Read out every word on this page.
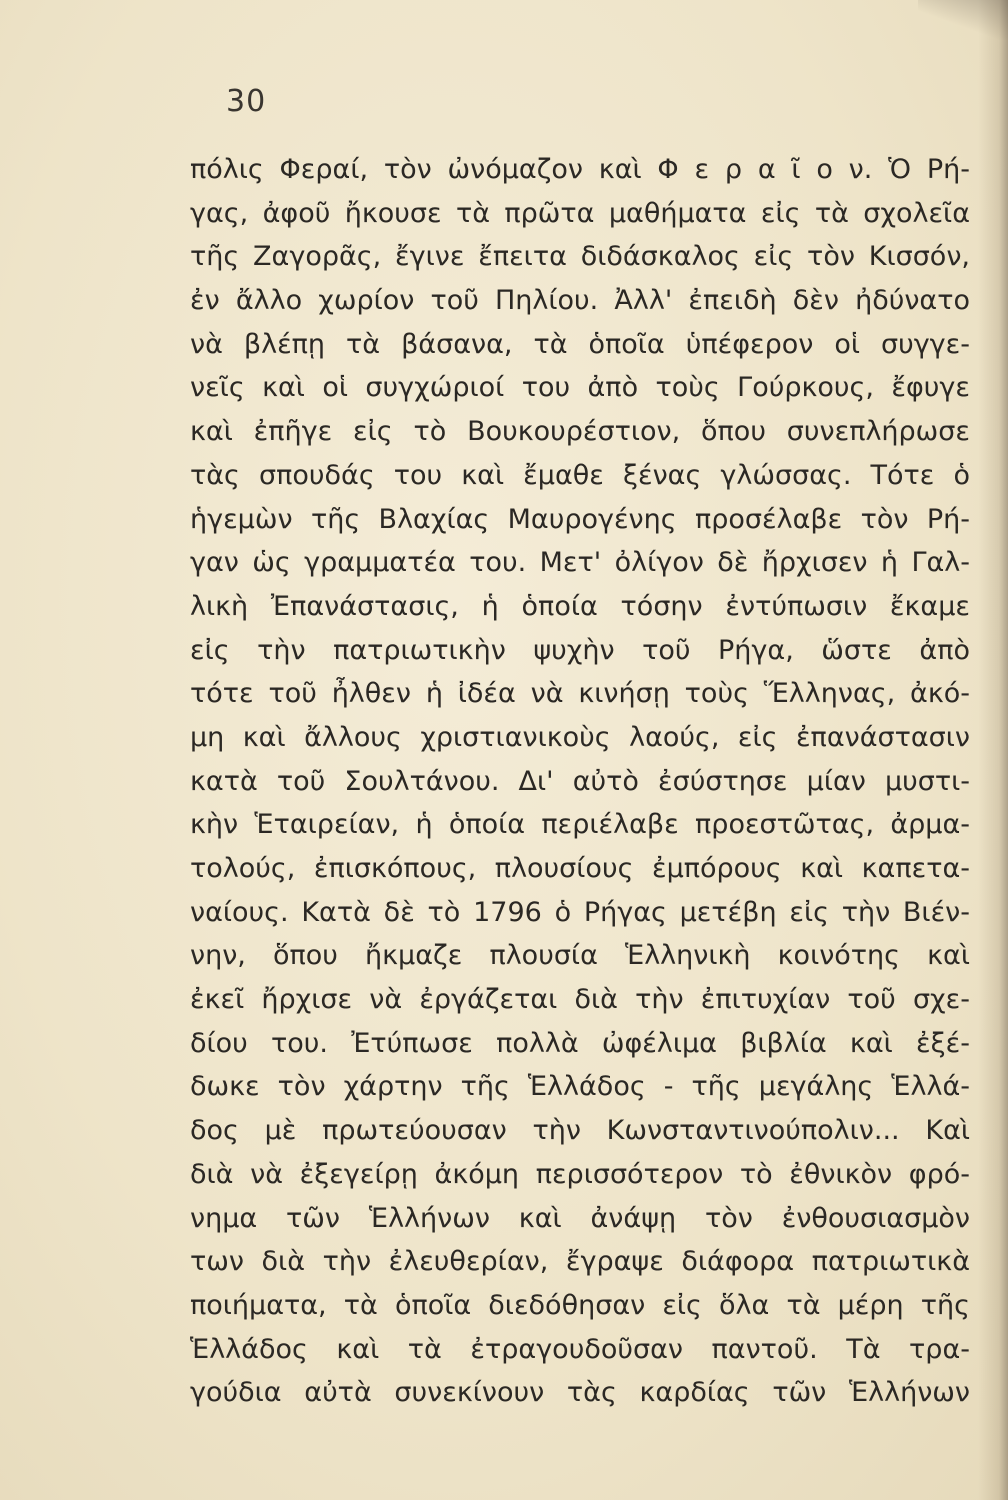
30
πόλις Φεραί, τὸν ὠνόμαζον καὶ Φ ε ρ α ῖ ο ν. Ὁ Ρή-
γας, ἀφοῦ ἤκουσε τὰ πρῶτα μαθήματα εἰς τὰ σχολεῖα
τῆς Ζαγορᾶς, ἔγινε ἔπειτα διδάσκαλος εἰς τὸν Κισσόν,
ἐν ἄλλο χωρίον τοῦ Πηλίου. Ἀλλ' ἐπειδὴ δὲν ἠδύνατο
νὰ βλέπῃ τὰ βάσανα, τὰ ὁποῖα ὑπέφερον οἱ συγγε-
νεῖς καὶ οἱ συγχώριοί του ἀπὸ τοὺς Γούρκους, ἔφυγε
καὶ ἐπῆγε εἰς τὸ Βουκουρέστιον, ὅπου συνεπλήρωσε
τὰς σπουδάς του καὶ ἔμαθε ξένας γλώσσας. Τότε ὁ
ἡγεμὼν τῆς Βλαχίας Μαυρογένης προσέλαβε τὸν Ρή-
γαν ὡς γραμματέα του. Μετ' ὀλίγον δὲ ἤρχισεν ἡ Γαλ-
λικὴ Ἐπανάστασις, ἡ ὁποία τόσην ἐντύπωσιν ἔκαμε
εἰς τὴν πατριωτικὴν ψυχὴν τοῦ Ρήγα, ὥστε ἀπὸ
τότε τοῦ ἦλθεν ἡ ἰδέα νὰ κινήσῃ τοὺς Ἕλληνας, ἀκό-
μη καὶ ἄλλους χριστιανικοὺς λαούς, εἰς ἐπανάστασιν
κατὰ τοῦ Σουλτάνου. Δι' αὐτὸ ἐσύστησε μίαν μυστι-
κὴν Ἑταιρείαν, ἡ ὁποία περιέλαβε προεστῶτας, ἀρμα-
τολούς, ἐπισκόπους, πλουσίους ἐμπόρους καὶ καπετα-
ναίους. Κατὰ δὲ τὸ 1796 ὁ Ρήγας μετέβη εἰς τὴν Βιέν-
νην, ὅπου ἤκμαζε πλουσία Ἑλληνικὴ κοινότης καὶ
ἐκεῖ ἤρχισε νὰ ἐργάζεται διὰ τὴν ἐπιτυχίαν τοῦ σχε-
δίου του. Ἐτύπωσε πολλὰ ὠφέλιμα βιβλία καὶ ἐξέ-
δωκε τὸν χάρτην τῆς Ἑλλάδος - τῆς μεγάλης Ἑλλά-
δος μὲ πρωτεύουσαν τὴν Κωνσταντινούπολιν... Καὶ
διὰ νὰ ἐξεγείρῃ ἀκόμη περισσότερον τὸ ἐθνικὸν φρό-
νημα τῶν Ἑλλήνων καὶ ἀνάψῃ τὸν ἐνθουσιασμὸν
των διὰ τὴν ἐλευθερίαν, ἔγραψε διάφορα πατριωτικὰ
ποιήματα, τὰ ὁποῖα διεδόθησαν εἰς ὅλα τὰ μέρη τῆς
Ἑλλάδος καὶ τὰ ἐτραγουδοῦσαν παντοῦ. Τὰ τρα-
γούδια αὐτὰ συνεκίνουν τὰς καρδίας τῶν Ἑλλήνων
